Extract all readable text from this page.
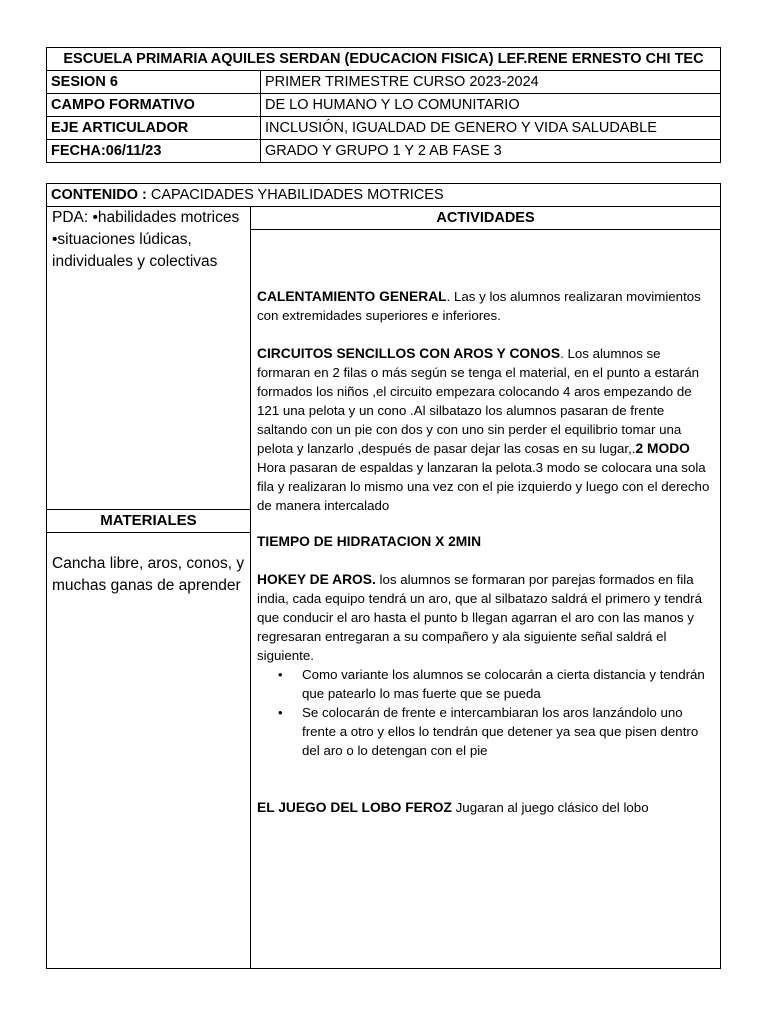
ESCUELA PRIMARIA AQUILES SERDAN (EDUCACION FISICA) LEF.RENE ERNESTO CHI TEC	
SESION 6	PRIMER TRIMESTRE CURSO 2023-2024
CAMPO FORMATIVO	DE LO HUMANO Y LO COMUNITARIO
EJE ARTICULADOR	INCLUSIÓN, IGUALDAD DE GENERO Y VIDA SALUDABLE
FECHA:06/11/23	GRADO Y GRUPO 1 Y 2 AB FASE 3
CONTENIDO : CAPACIDADES YHABILIDADES MOTRICES

PDA: •habilidades motrices
•situaciones lúdicas, individuales y colectivas
MATERIALES
Cancha libre, aros, conos, y muchas ganas de aprender
	ACTIVIDADES

CALENTAMIENTO GENERAL. Las y los alumnos realizaran movimientos con extremidades superiores e inferiores.

CIRCUITOS SENCILLOS CON AROS Y CONOS. Los alumnos se formaran en 2 filas o más según se tenga el material, en el punto a estarán formados los niños ,el circuito empezara colocando 4 aros empezando de 121 una pelota y un cono .Al silbatazo los alumnos pasaran de frente saltando con un pie con dos y con uno sin perder el equilibrio tomar una pelota y lanzarlo ,después de pasar dejar las cosas en su lugar,.2 MODO Hora pasaran de espaldas y lanzaran la pelota.3 modo se colocara una sola fila y realizaran lo mismo una vez con el pie izquierdo y luego con el derecho de manera intercalado

TIEMPO DE HIDRATACION X 2MIN

HOKEY DE AROS. los alumnos se formaran por parejas formados en fila india, cada equipo tendrá un aro, que al silbatazo saldrá el primero y tendrá que conducir el aro hasta el punto b llegan agarran el aro con las manos y regresaran entregaran a su compañero y ala siguiente señal saldrá el siguiente.

• Como variante los alumnos se colocarán a cierta distancia y tendrán que patearlo lo mas fuerte que se pueda
• Se colocarán de frente e intercambiaran los aros lanzándolo uno frente a otro y ellos lo tendrán que detener ya sea que pisen dentro del aro o lo detengan con el pie

EL JUEGO DEL LOBO FEROZ Jugaran al juego clásico del lobo
